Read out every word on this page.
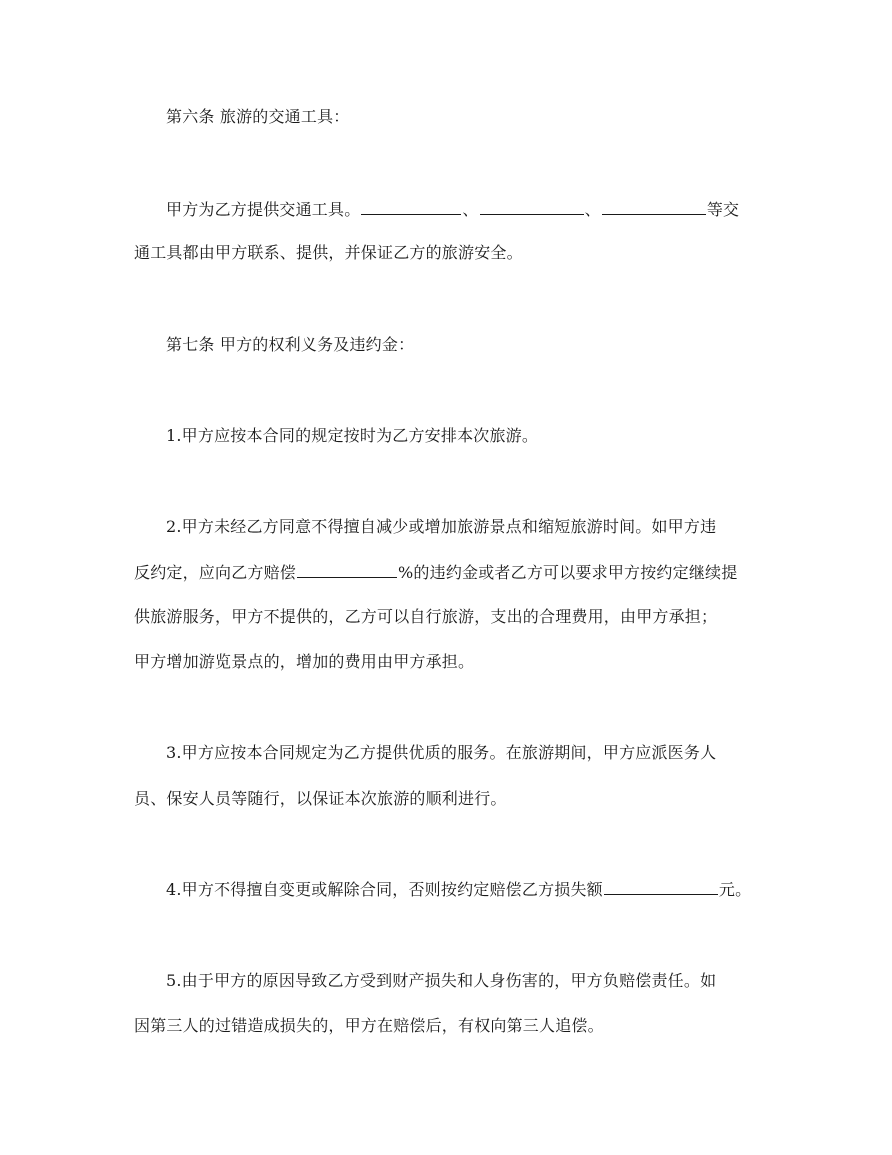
第六条 旅游的交通工具：
甲方为乙方提供交通工具。	、	、	等交
通工具都由甲方联系、提供，并保证乙方的旅游安全。
第七条 甲方的权利义务及违约金：
1.甲方应按本合同的规定按时为乙方安排本次旅游。
2.甲方未经乙方同意不得擅自减少或增加旅游景点和缩短旅游时间。如甲方违
反约定，应向乙方赔偿	%的违约金或者乙方可以要求甲方按约定继续提
供旅游服务，甲方不提供的，乙方可以自行旅游，支出的合理费用，由甲方承担；
甲方增加游览景点的，增加的费用由甲方承担。
3.甲方应按本合同规定为乙方提供优质的服务。在旅游期间，甲方应派医务人
员、保安人员等随行，以保证本次旅游的顺利进行。
4.甲方不得擅自变更或解除合同，否则按约定赔偿乙方损失额	元。
5.由于甲方的原因导致乙方受到财产损失和人身伤害的，甲方负赔偿责任。如
因第三人的过错造成损失的，甲方在赔偿后，有权向第三人追偿。
